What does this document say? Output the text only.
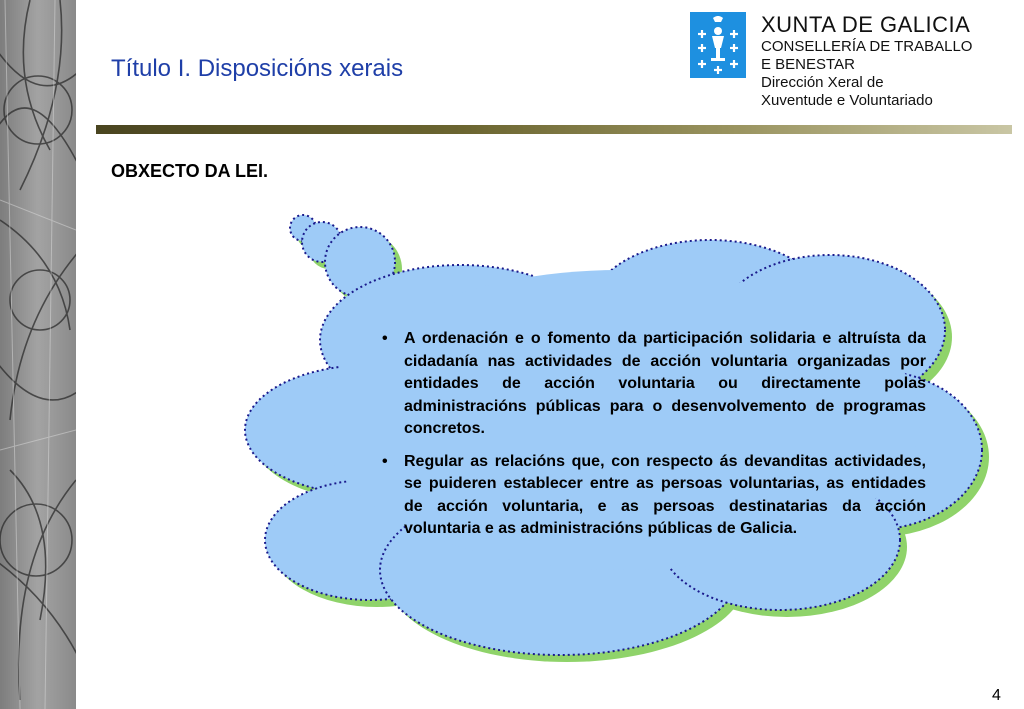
Título I. Disposicións xerais
XUNTA DE GALICIA
CONSELLERÍA DE TRABALLO
E BENESTAR
Dirección Xeral de
Xuventude e Voluntariado
OBXECTO DA LEI.
• A ordenación e o fomento da participación solidaria e altruísta da cidadanía nas actividades de acción voluntaria organizadas por entidades de acción voluntaria ou directamente polas administracións públicas para o desenvolvemento de programas concretos.
• Regular as relacións que, con respecto ás devanditas actividades, se puideren establecer entre as persoas voluntarias, as entidades de acción voluntaria, e as persoas destinatarias da acción voluntaria e as administracións públicas de Galicia.
4
